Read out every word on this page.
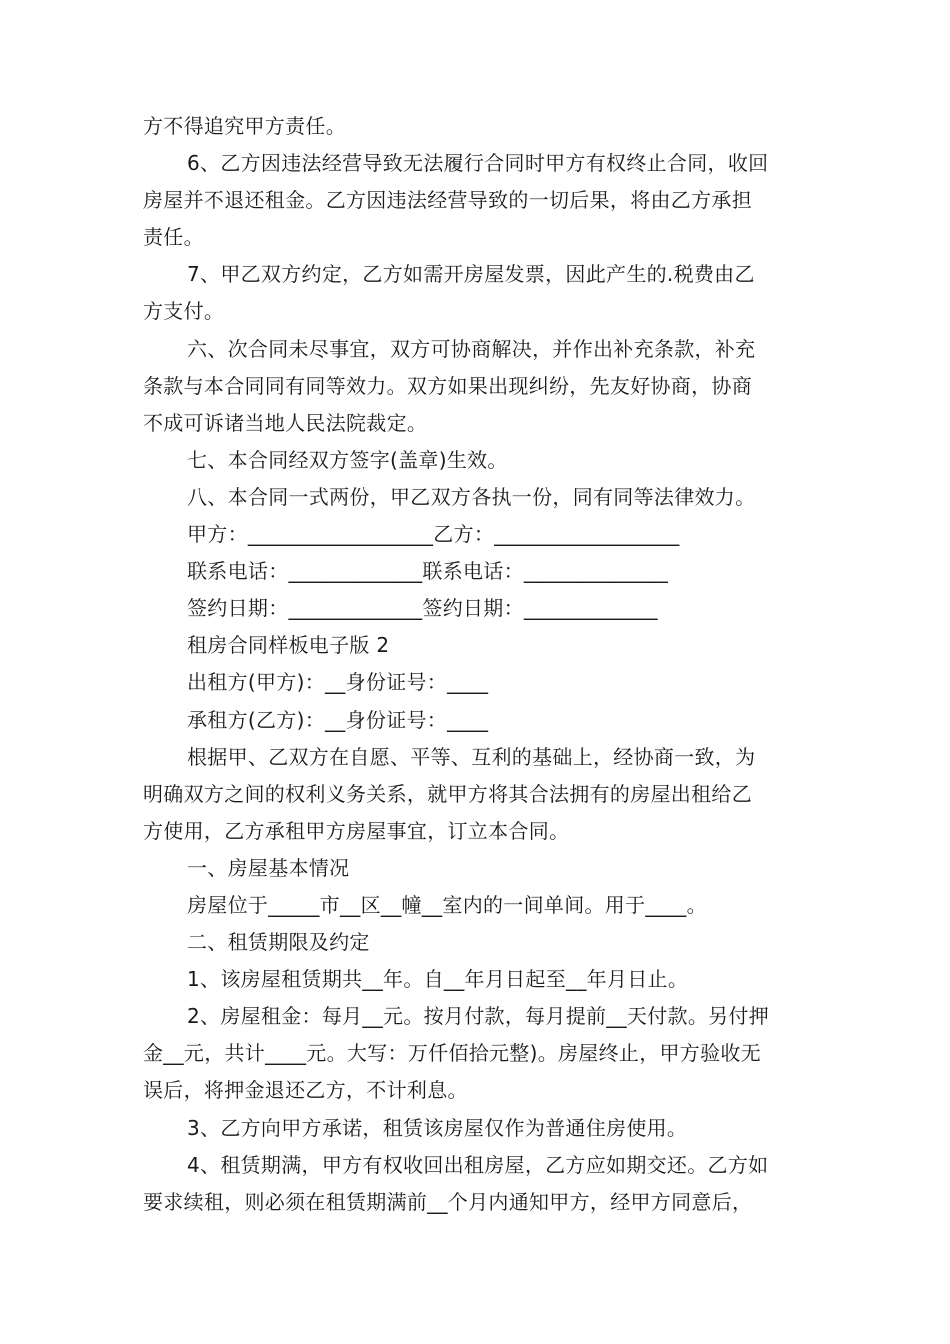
方不得追究甲方责任。
6、乙方因违法经营导致无法履行合同时甲方有权终止合同，收回
房屋并不退还租金。乙方因违法经营导致的一切后果，将由乙方承担
责任。
7、甲乙双方约定，乙方如需开房屋发票，因此产生的.税费由乙
方支付。
六、次合同未尽事宜，双方可协商解决，并作出补充条款，补充
条款与本合同同有同等效力。双方如果出现纠纷，先友好协商，协商
不成可诉诸当地人民法院裁定。
七、本合同经双方签字(盖章)生效。
八、本合同一式两份，甲乙双方各执一份，同有同等法律效力。
甲方：__________________乙方：__________________
联系电话：_____________联系电话：______________
签约日期：_____________签约日期：_____________
租房合同样板电子版 2
出租方(甲方)：__身份证号：____
承租方(乙方)：__身份证号：____
根据甲、乙双方在自愿、平等、互利的基础上，经协商一致，为
明确双方之间的权利义务关系，就甲方将其合法拥有的房屋出租给乙
方使用，乙方承租甲方房屋事宜，订立本合同。
一、房屋基本情况
房屋位于_____市__区__幢__室内的一间单间。用于____。
二、租赁期限及约定
1、该房屋租赁期共__年。自__年月日起至__年月日止。
2、房屋租金：每月__元。按月付款，每月提前__天付款。另付押
金__元，共计____元。大写：万仟佰拾元整)。房屋终止，甲方验收无
误后，将押金退还乙方，不计利息。
3、乙方向甲方承诺，租赁该房屋仅作为普通住房使用。
4、租赁期满，甲方有权收回出租房屋，乙方应如期交还。乙方如
要求续租，则必须在租赁期满前__个月内通知甲方，经甲方同意后，
